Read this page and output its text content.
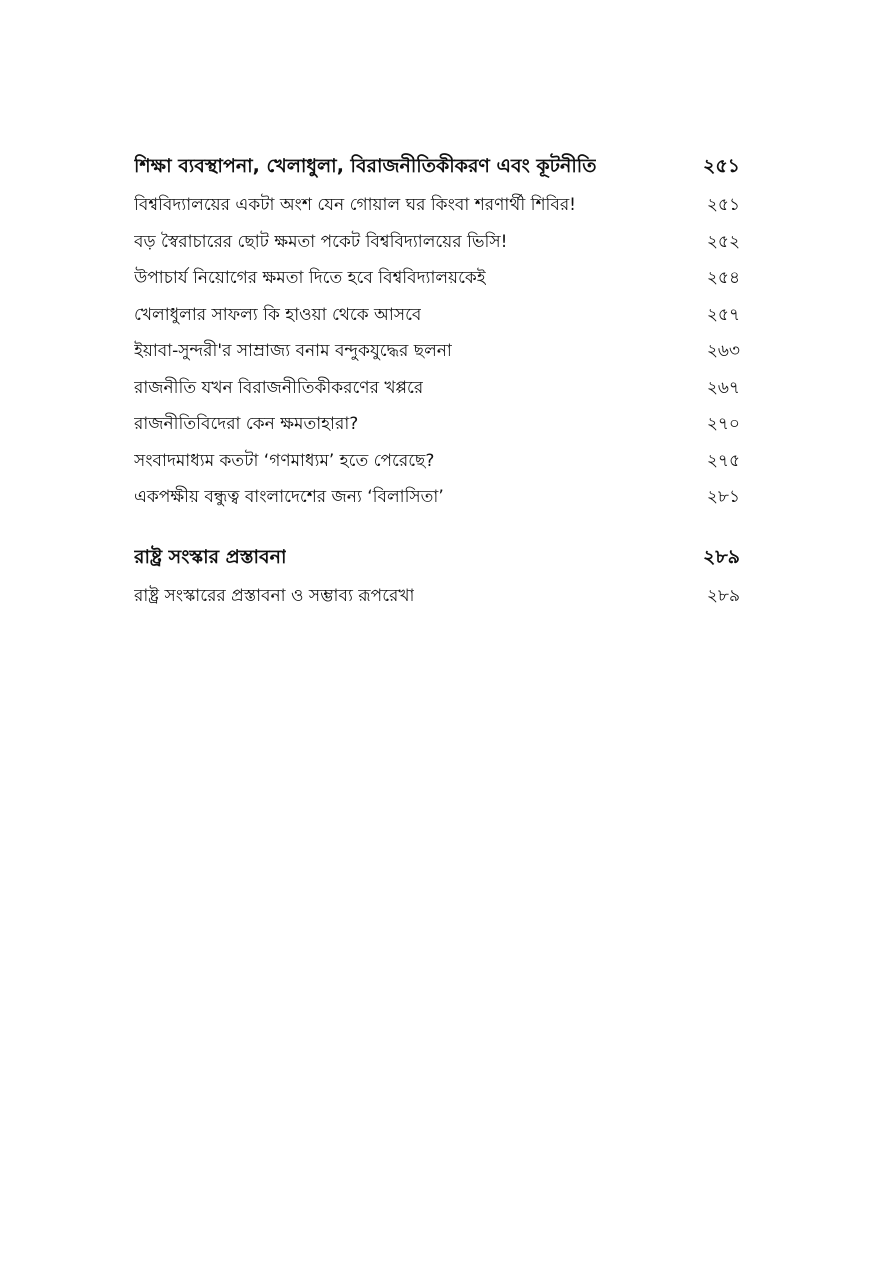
শিক্ষা ব্যবস্থাপনা, খেলাধুলা, বিরাজনীতিকীকরণ এবং কূটনীতি	২৫১
বিশ্ববিদ্যালয়ের একটা অংশ যেন গোয়াল ঘর কিংবা শরণার্থী শিবির!	২৫১
বড় স্বৈরাচারের ছোট ক্ষমতা পকেট বিশ্ববিদ্যালয়ের ভিসি!	২৫২
উপাচার্য নিয়োগের ক্ষমতা দিতে হবে বিশ্ববিদ্যালয়কেই	২৫৪
খেলাধুলার সাফল্য কি হাওয়া থেকে আসবে	২৫৭
ইয়াবা-সুন্দরী'র সাম্রাজ্য বনাম বন্দুকযুদ্ধের ছলনা	২৬৩
রাজনীতি যখন বিরাজনীতিকীকরণের খপ্পরে	২৬৭
রাজনীতিবিদেরা কেন ক্ষমতাহারা?	২৭০
সংবাদমাধ্যম কতটা ‘গণমাধ্যম’ হতে পেরেছে?	২৭৫
একপক্ষীয় বন্ধুত্ব বাংলাদেশের জন্য ‘বিলাসিতা’	২৮১
রাষ্ট্র সংস্কার প্রস্তাবনা	২৮৯
রাষ্ট্র সংস্কারের প্রস্তাবনা ও সম্ভাব্য রূপরেখা	২৮৯
